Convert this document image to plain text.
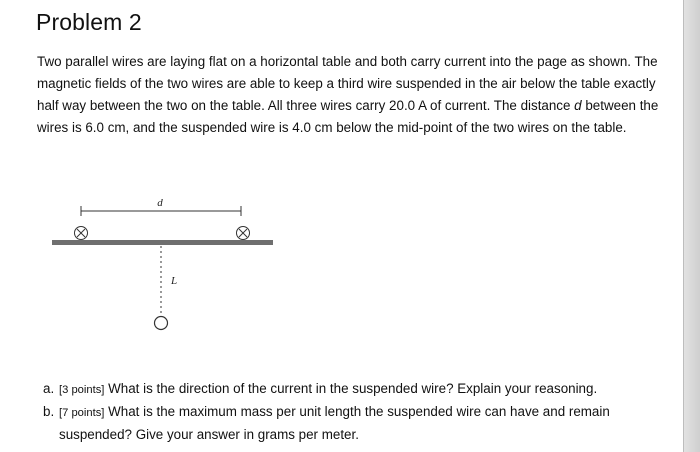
Problem 2

Two parallel wires are laying flat on a horizontal table and both carry current into the page as shown. The magnetic fields of the two wires are able to keep a third wire suspended in the air below the table exactly half way between the two on the table. All three wires carry 20.0 A of current. The distance d between the wires is 6.0 cm, and the suspended wire is 4.0 cm below the mid-point of the two wires on the table.

d
L
a. [3 points] What is the direction of the current in the suspended wire? Explain your reasoning.
b. [7 points] What is the maximum mass per unit length the suspended wire can have and remain suspended? Give your answer in grams per meter.
